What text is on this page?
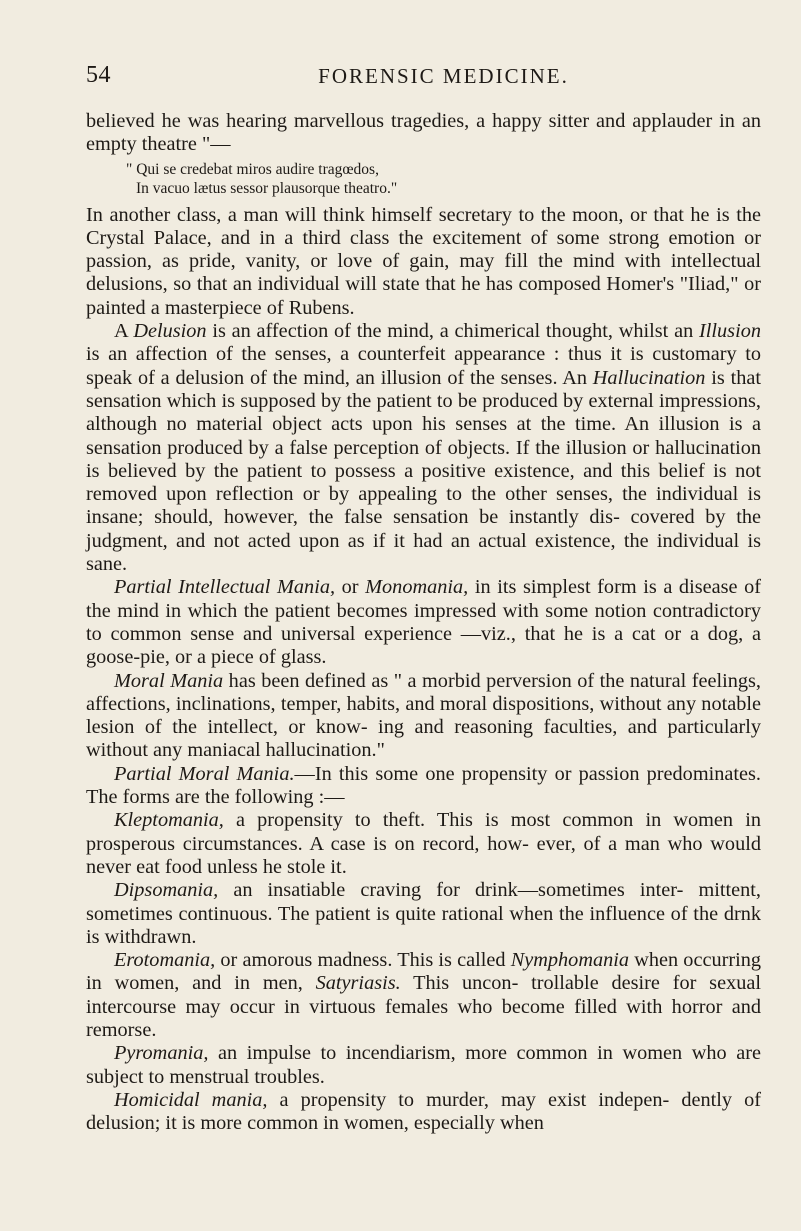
54	FORENSIC MEDICINE.

believed he was hearing marvellous tragedies, a happy sitter and applauder in an empty theatre "—

" Qui se credebat miros audire tragœdos,
In vacuo lætus sessor plausorque theatro."

In another class, a man will think himself secretary to the moon, or that he is the Crystal Palace, and in a third class the excitement of some strong emotion or passion, as pride, vanity, or love of gain, may fill the mind with intellectual delusions, so that an individual will state that he has composed Homer's "Iliad," or painted a masterpiece of Rubens.

A Delusion is an affection of the mind, a chimerical thought, whilst an Illusion is an affection of the senses, a counterfeit appearance : thus it is customary to speak of a delusion of the mind, an illusion of the senses. An Hallucination is that sensation which is supposed by the patient to be produced by external impressions, although no material object acts upon his senses at the time. An illusion is a sensation produced by a false perception of objects. If the illusion or hallucination is believed by the patient to possess a positive existence, and this belief is not removed upon reflection or by appealing to the other senses, the individual is insane; should, however, the false sensation be instantly dis- covered by the judgment, and not acted upon as if it had an actual existence, the individual is sane.

Partial Intellectual Mania, or Monomania, in its simplest form is a disease of the mind in which the patient becomes impressed with some notion contradictory to common sense and universal experience —viz., that he is a cat or a dog, a goose-pie, or a piece of glass.

Moral Mania has been defined as " a morbid perversion of the natural feelings, affections, inclinations, temper, habits, and moral dispositions, without any notable lesion of the intellect, or know- ing and reasoning faculties, and particularly without any maniacal hallucination."

Partial Moral Mania.—In this some one propensity or passion predominates. The forms are the following :—

Kleptomania, a propensity to theft. This is most common in women in prosperous circumstances. A case is on record, how- ever, of a man who would never eat food unless he stole it.

Dipsomania, an insatiable craving for drink—sometimes inter- mittent, sometimes continuous. The patient is quite rational when the influence of the drnk is withdrawn.

Erotomania, or amorous madness. This is called Nymphomania when occurring in women, and in men, Satyriasis. This uncon- trollable desire for sexual intercourse may occur in virtuous females who become filled with horror and remorse.

Pyromania, an impulse to incendiarism, more common in women who are subject to menstrual troubles.

Homicidal mania, a propensity to murder, may exist indepen- dently of delusion; it is more common in women, especially when
